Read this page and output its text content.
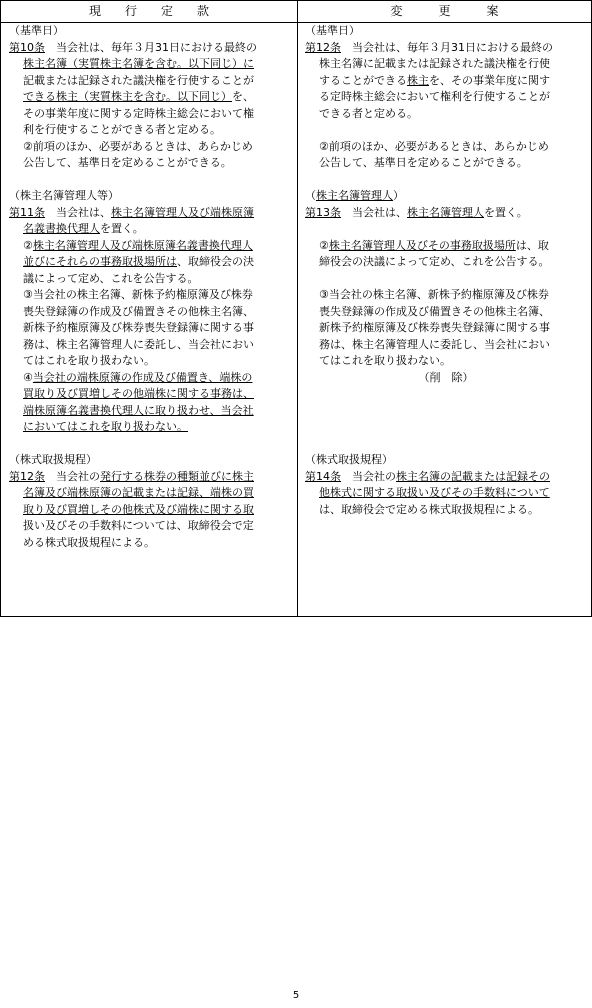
現　　行　　定　　款	変　　　更　　　案

（基準日）

第10条　当会社は、毎年３月31日における最終の

株主名簿（実質株主名簿を含む。以下同じ）に

記載または記録された議決権を行使することが

できる株主（実質株主を含む。以下同じ）を、

その事業年度に関する定時株主総会において権

利を行使することができる者と定める。

②前項のほか、必要があるときは、あらかじめ

公告して、基準日を定めることができる。

（株主名簿管理人等）

第11条　当会社は、株主名簿管理人及び端株原簿

名義書換代理人を置く。

②株主名簿管理人及び端株原簿名義書換代理人

並びにそれらの事務取扱場所は、取締役会の決

議によって定め、これを公告する。

③当会社の株主名簿、新株予約権原簿及び株券

喪失登録簿の作成及び備置きその他株主名簿、

新株予約権原簿及び株券喪失登録簿に関する事

務は、株主名簿管理人に委託し、当会社におい

てはこれを取り扱わない。

④当会社の端株原簿の作成及び備置き、端株の

買取り及び買増しその他端株に関する事務は、

端株原簿名義書換代理人に取り扱わせ、当会社

においてはこれを取り扱わない。

（株式取扱規程）

第12条　当会社の発行する株券の種類並びに株主

名簿及び端株原簿の記載または記録、端株の買

取り及び買増しその他株式及び端株に関する取

扱い及びその手数料については、取締役会で定

める株式取扱規程による。

（基準日）

第12条　当会社は、毎年３月31日における最終の

株主名簿に記載または記録された議決権を行使

することができる株主を、その事業年度に関す

る定時株主総会において権利を行使することが

できる者と定める。

②前項のほか、必要があるときは、あらかじめ

公告して、基準日を定めることができる。

（株主名簿管理人）

第13条　当会社は、株主名簿管理人を置く。

②株主名簿管理人及びその事務取扱場所は、取

締役会の決議によって定め、これを公告する。

③当会社の株主名簿、新株予約権原簿及び株券

喪失登録簿の作成及び備置きその他株主名簿、

新株予約権原簿及び株券喪失登録簿に関する事

務は、株主名簿管理人に委託し、当会社におい

てはこれを取り扱わない。

（削　除）

（株式取扱規程）

第14条　当会社の株主名簿の記載または記録その

他株式に関する取扱い及びその手数料について

は、取締役会で定める株式取扱規程による。

5
